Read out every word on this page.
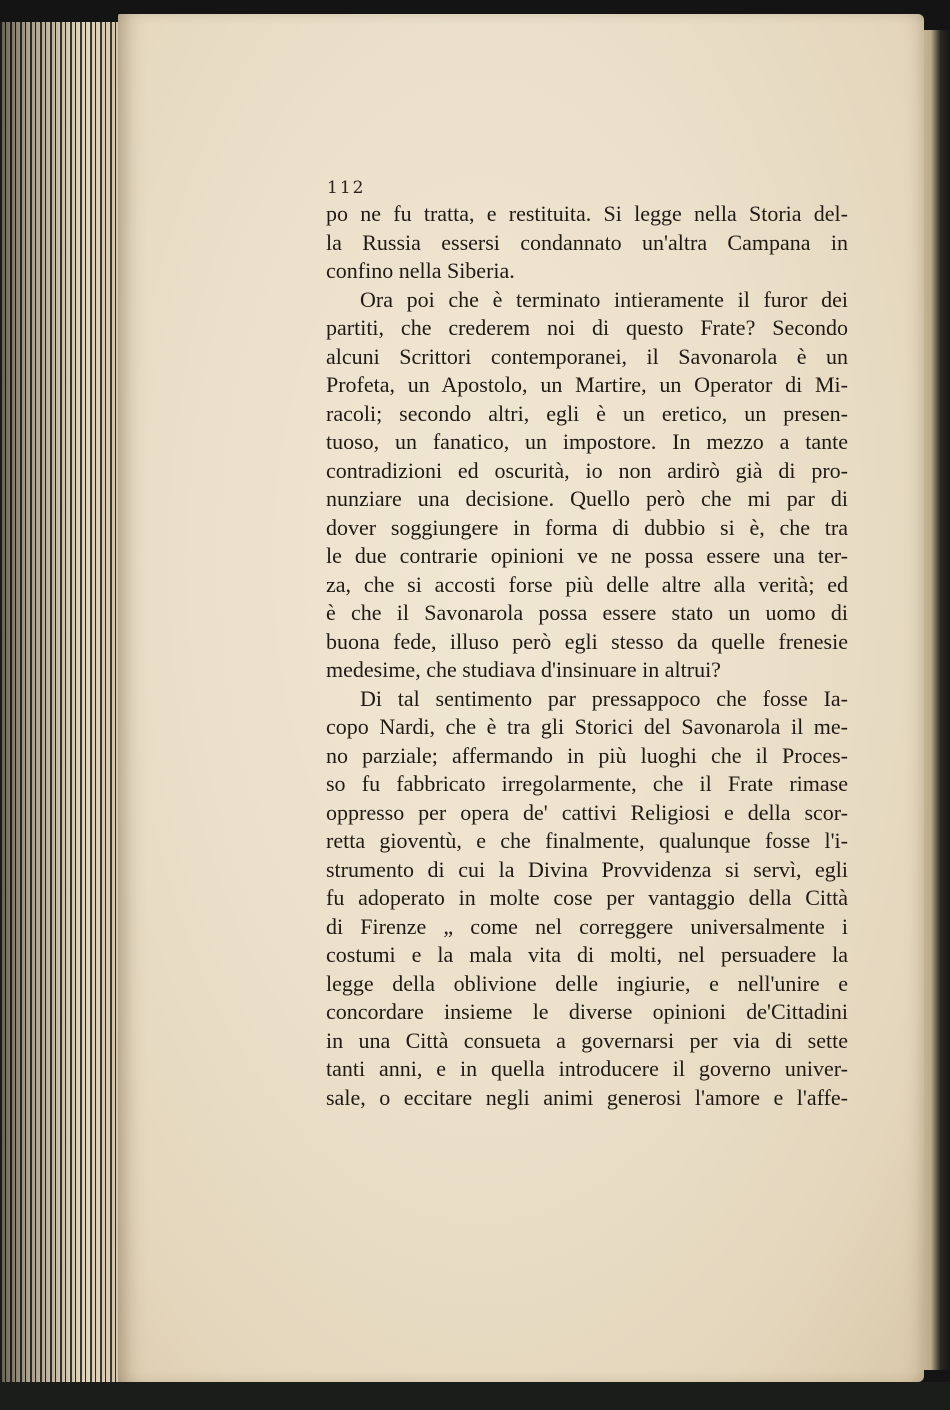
112
po ne fu tratta, e restituita. Si legge nella Storia del-
la Russia essersi condannato un'altra Campana in
confino nella Siberia.
Ora poi che è terminato intieramente il furor dei
partiti, che crederem noi di questo Frate? Secondo
alcuni Scrittori contemporanei, il Savonarola è un
Profeta, un Apostolo, un Martire, un Operator di Mi-
racoli; secondo altri, egli è un eretico, un presen-
tuoso, un fanatico, un impostore. In mezzo a tante
contradizioni ed oscurità, io non ardirò già di pro-
nunziare una decisione. Quello però che mi par di
dover soggiungere in forma di dubbio si è, che tra
le due contrarie opinioni ve ne possa essere una ter-
za, che si accosti forse più delle altre alla verità; ed
è che il Savonarola possa essere stato un uomo di
buona fede, illuso però egli stesso da quelle frenesie
medesime, che studiava d'insinuare in altrui?
Di tal sentimento par pressappoco che fosse Ia-
copo Nardi, che è tra gli Storici del Savonarola il me-
no parziale; affermando in più luoghi che il Proces-
so fu fabbricato irregolarmente, che il Frate rimase
oppresso per opera de' cattivi Religiosi e della scor-
retta gioventù, e che finalmente, qualunque fosse l'i-
strumento di cui la Divina Provvidenza si servì, egli
fu adoperato in molte cose per vantaggio della Città
di Firenze „ come nel correggere universalmente i
costumi e la mala vita di molti, nel persuadere la
legge della oblivione delle ingiurie, e nell'unire e
concordare insieme le diverse opinioni de'Cittadini
in una Città consueta a governarsi per via di sette
tanti anni, e in quella introducere il governo univer-
sale, o eccitare negli animi generosi l'amore e l'affe-
